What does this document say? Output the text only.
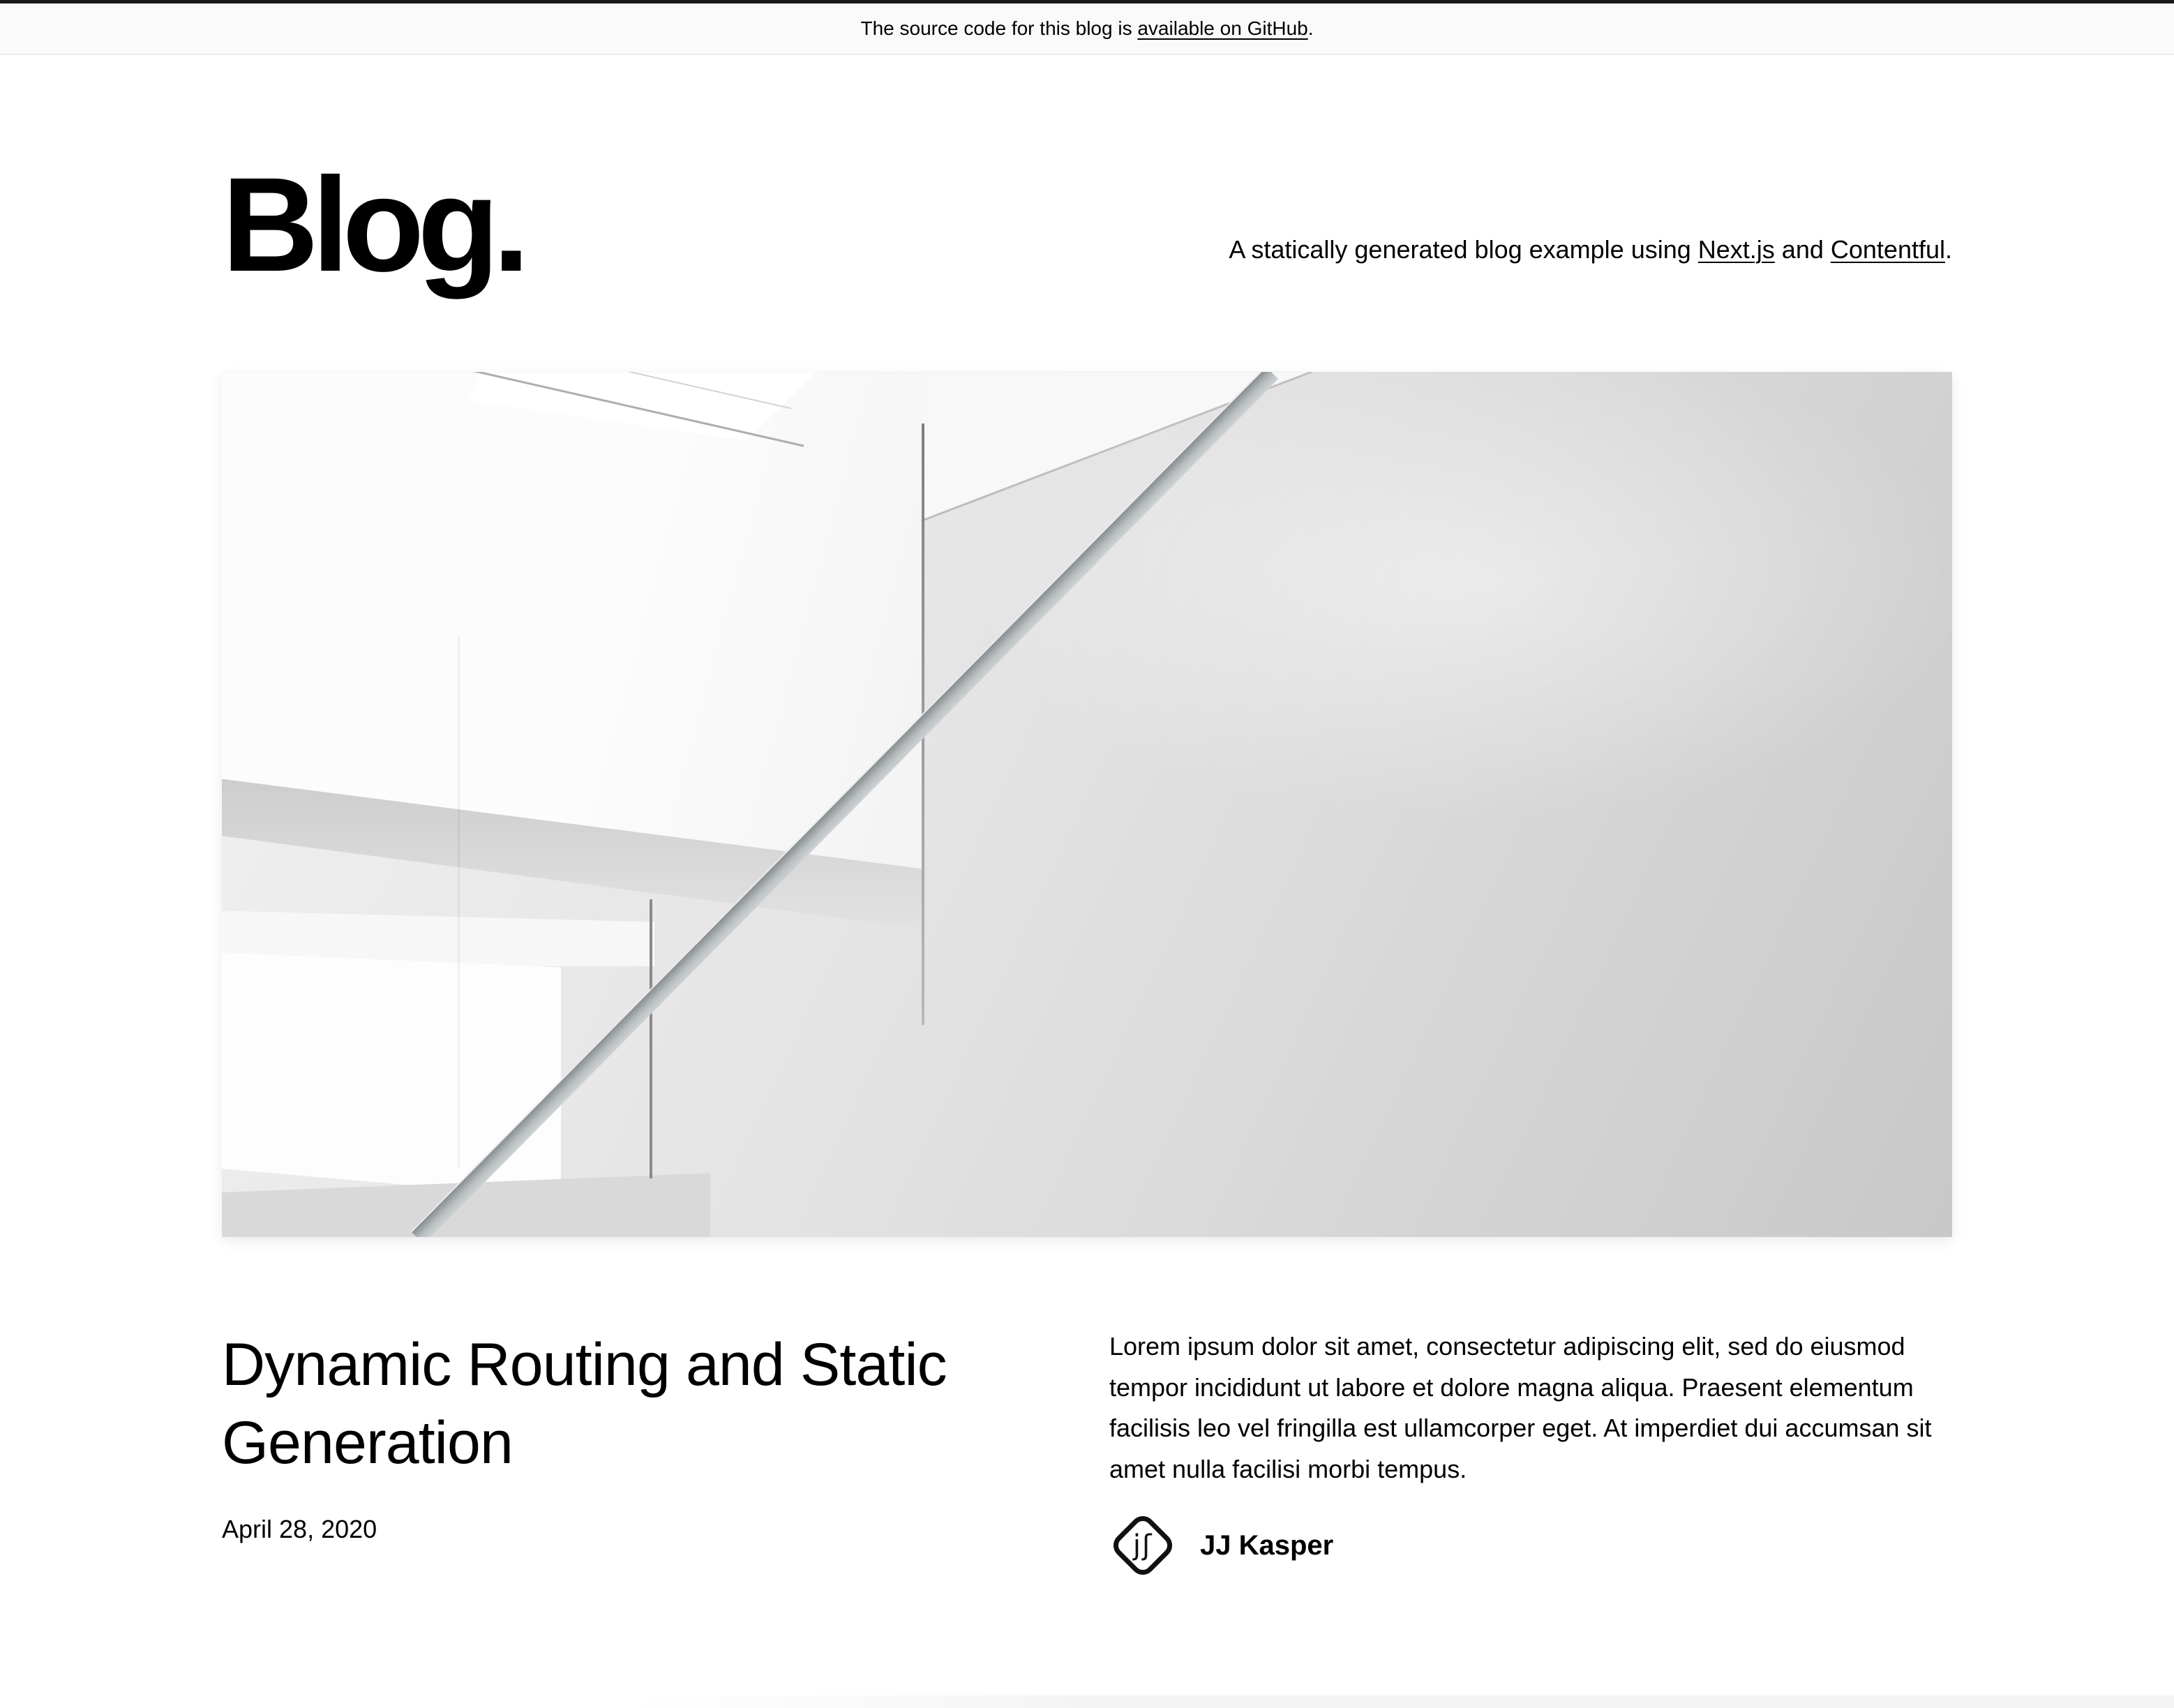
The source code for this blog is available on GitHub.

Blog.	A statically generated blog example using Next.js and Contentful.
Dynamic Routing and Static Generation
April 28, 2020

Lorem ipsum dolor sit amet, consectetur adipiscing elit, sed do eiusmod tempor incididunt ut labore et dolore magna aliqua. Praesent elementum facilisis leo vel fringilla est ullamcorper eget. At imperdiet dui accumsan sit amet nulla facilisi morbi tempus.

jʃ JJ Kasper
